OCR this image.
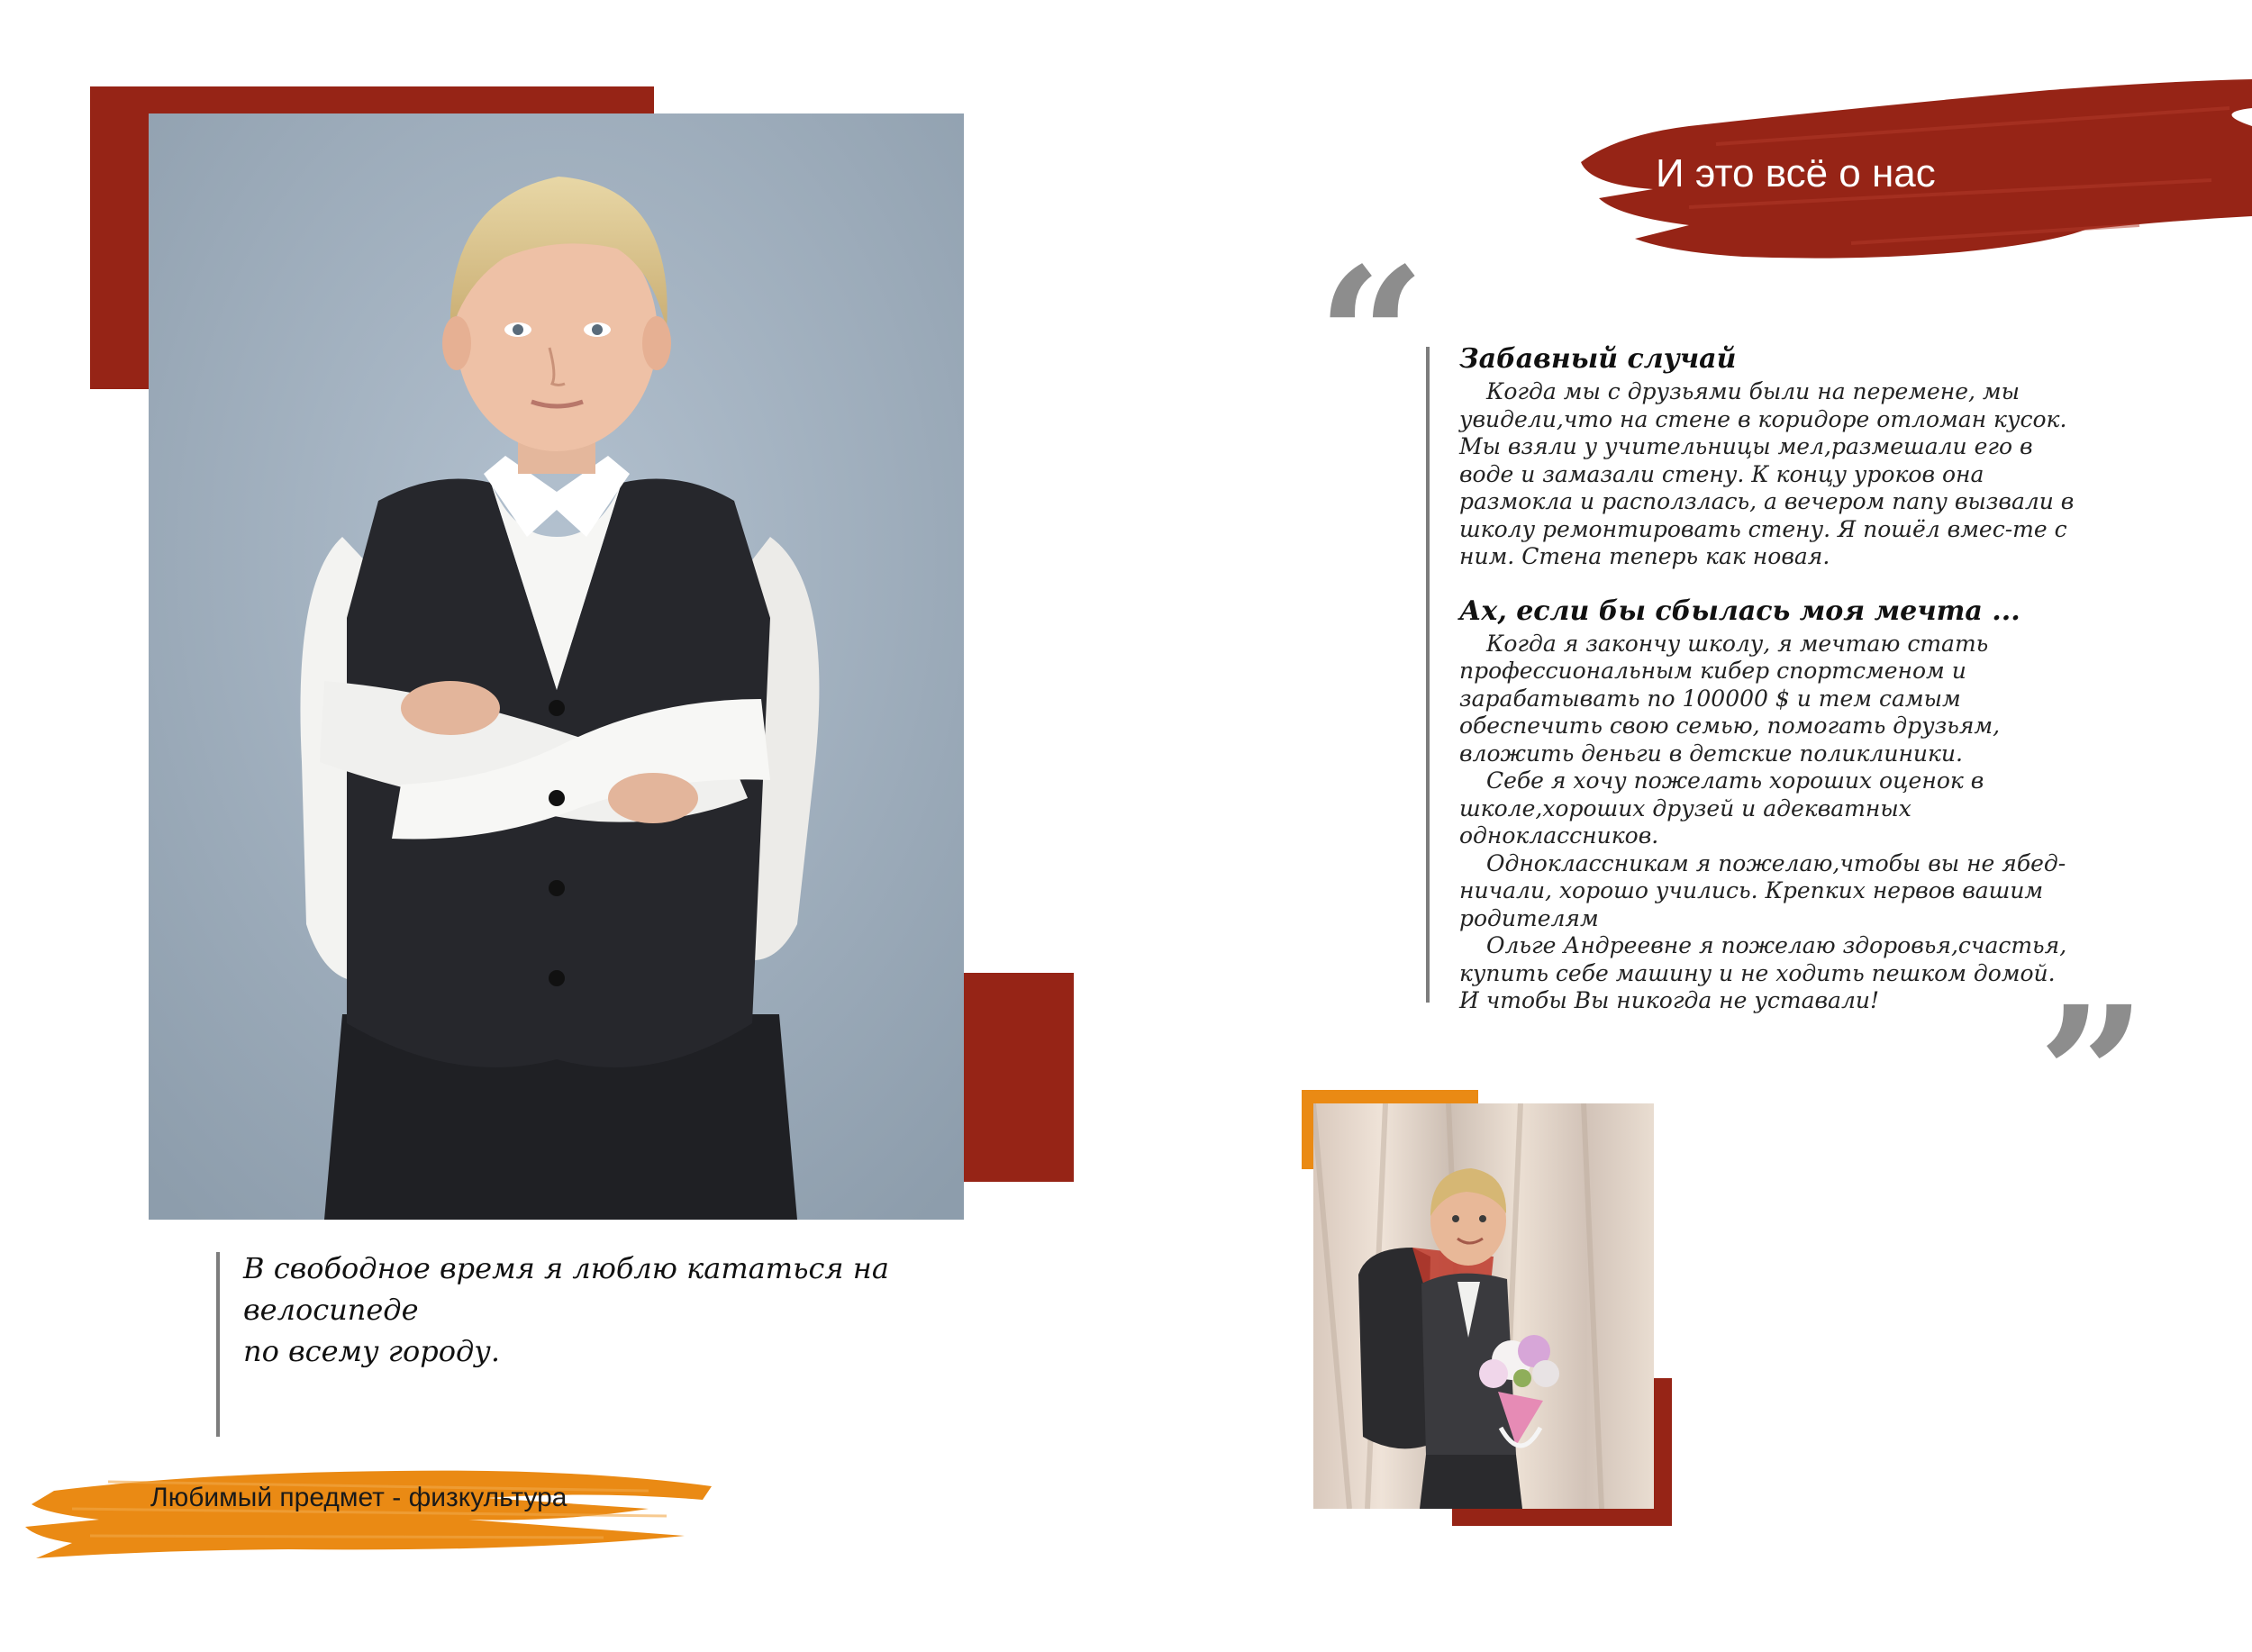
В свободное время я люблю кататься на велосипеде
по всему городу.
Любимый предмет - физкультура
И это всё о нас
“
”
Забавный случай

Когда мы с друзьями были на перемене, мы увидели,что на стене в коридоре отломан кусок. Мы взяли у учительницы мел,размешали его в воде и замазали стену. К концу уроков она размокла и расползлась, а вечером папу вызвали в школу ремонтировать стену. Я пошёл вмес-те с ним. Стена теперь как новая.

Ах, если бы сбылась моя мечта ...

Когда я закончу школу, я мечтаю стать профессиональным кибер спортсменом и зарабатывать по 100000 $ и тем самым обеспечить свою семью, помогать друзьям, вложить деньги в детские поликлиники.

Себе я хочу пожелать хороших оценок в школе,хороших друзей и адекватных одноклассников.

Одноклассникам я пожелаю,чтобы вы не ябед-ничали, хорошо учились. Крепких нервов вашим родителям

Ольге Андреевне я пожелаю здоровья,счастья, купить себе машину и не ходить пешком домой. И чтобы Вы никогда не уставали!
